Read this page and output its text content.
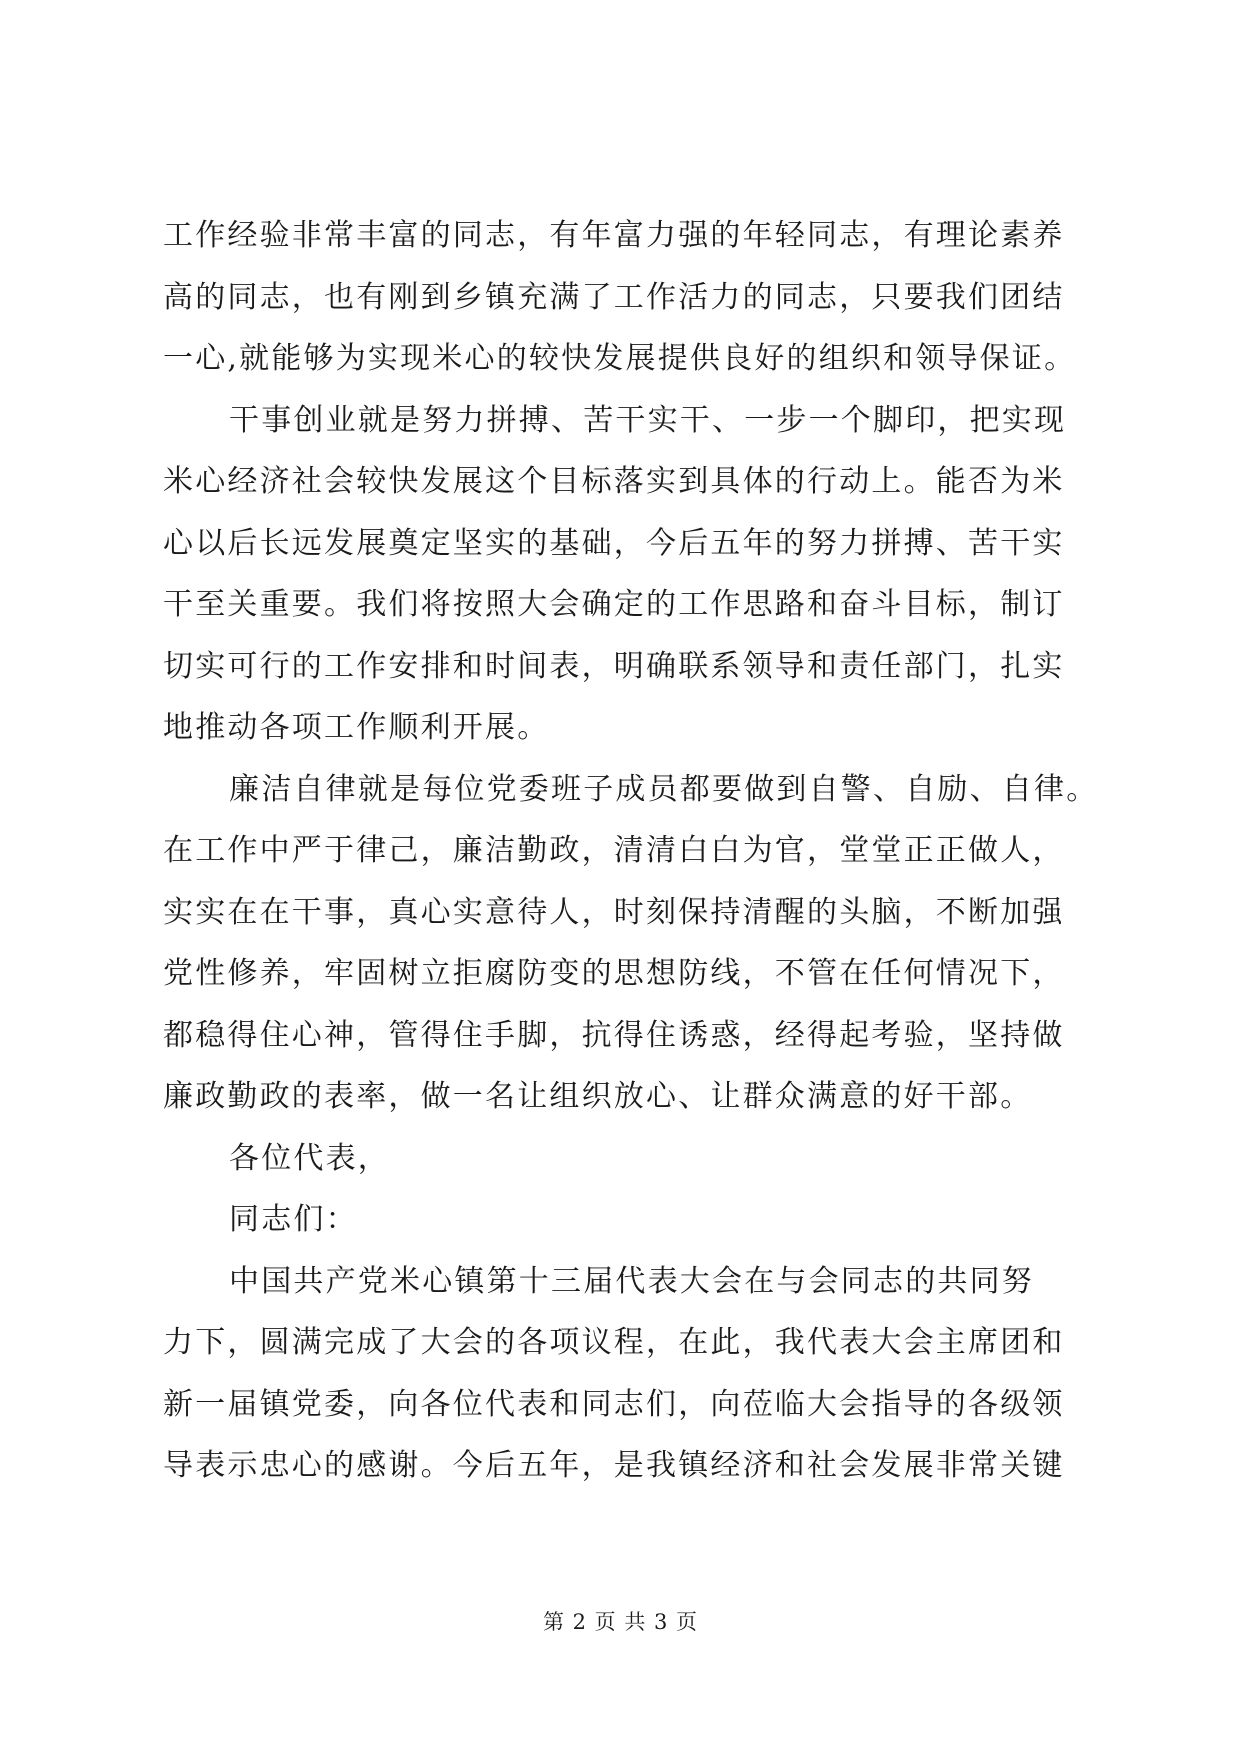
工作经验非常丰富的同志，有年富力强的年轻同志，有理论素养
高的同志，也有刚到乡镇充满了工作活力的同志，只要我们团结
一心,就能够为实现米心的较快发展提供良好的组织和领导保证。
干事创业就是努力拼搏、苦干实干、一步一个脚印，把实现
米心经济社会较快发展这个目标落实到具体的行动上。能否为米
心以后长远发展奠定坚实的基础，今后五年的努力拼搏、苦干实
干至关重要。我们将按照大会确定的工作思路和奋斗目标，制订
切实可行的工作安排和时间表，明确联系领导和责任部门，扎实
地推动各项工作顺利开展。
廉洁自律就是每位党委班子成员都要做到自警、自励、自律。
在工作中严于律己，廉洁勤政，清清白白为官，堂堂正正做人，
实实在在干事，真心实意待人，时刻保持清醒的头脑，不断加强
党性修养，牢固树立拒腐防变的思想防线，不管在任何情况下，
都稳得住心神，管得住手脚，抗得住诱惑，经得起考验，坚持做
廉政勤政的表率，做一名让组织放心、让群众满意的好干部。
各位代表，
同志们：
中国共产党米心镇第十三届代表大会在与会同志的共同努
力下，圆满完成了大会的各项议程，在此，我代表大会主席团和
新一届镇党委，向各位代表和同志们，向莅临大会指导的各级领
导表示忠心的感谢。今后五年，是我镇经济和社会发展非常关键
第 2 页 共 3 页
